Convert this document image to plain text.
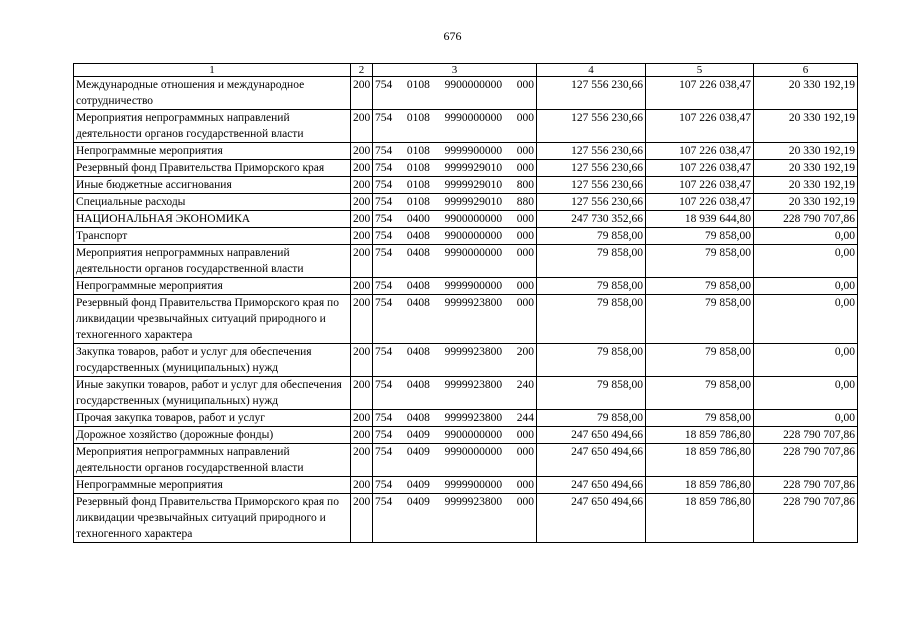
676
1	2	3	4	5	6
Международные отношения и международное сотрудничество	200	754 0108 9900000000 000	127 556 230,66	107 226 038,47	20 330 192,19
Мероприятия непрограммных направлений деятельности органов государственной власти	200	754 0108 9990000000 000	127 556 230,66	107 226 038,47	20 330 192,19
Непрограммные мероприятия	200	754 0108 9999900000 000	127 556 230,66	107 226 038,47	20 330 192,19
Резервный фонд Правительства Приморского края	200	754 0108 9999929010 000	127 556 230,66	107 226 038,47	20 330 192,19
Иные бюджетные ассигнования	200	754 0108 9999929010 800	127 556 230,66	107 226 038,47	20 330 192,19
Специальные расходы	200	754 0108 9999929010 880	127 556 230,66	107 226 038,47	20 330 192,19
НАЦИОНАЛЬНАЯ ЭКОНОМИКА	200	754 0400 9900000000 000	247 730 352,66	18 939 644,80	228 790 707,86
Транспорт	200	754 0408 9900000000 000	79 858,00	79 858,00	0,00
Мероприятия непрограммных направлений деятельности органов государственной власти	200	754 0408 9990000000 000	79 858,00	79 858,00	0,00
Непрограммные мероприятия	200	754 0408 9999900000 000	79 858,00	79 858,00	0,00
Резервный фонд Правительства Приморского края по ликвидации чрезвычайных ситуаций природного и техногенного характера	200	754 0408 9999923800 000	79 858,00	79 858,00	0,00
Закупка товаров, работ и услуг для обеспечения государственных (муниципальных) нужд	200	754 0408 9999923800 200	79 858,00	79 858,00	0,00
Иные закупки товаров, работ и услуг для обеспечения государственных (муниципальных) нужд	200	754 0408 9999923800 240	79 858,00	79 858,00	0,00
Прочая закупка товаров, работ и услуг	200	754 0408 9999923800 244	79 858,00	79 858,00	0,00
Дорожное хозяйство (дорожные фонды)	200	754 0409 9900000000 000	247 650 494,66	18 859 786,80	228 790 707,86
Мероприятия непрограммных направлений деятельности органов государственной власти	200	754 0409 9990000000 000	247 650 494,66	18 859 786,80	228 790 707,86
Непрограммные мероприятия	200	754 0409 9999900000 000	247 650 494,66	18 859 786,80	228 790 707,86
Резервный фонд Правительства Приморского края по ликвидации чрезвычайных ситуаций природного и техногенного характера	200	754 0409 9999923800 000	247 650 494,66	18 859 786,80	228 790 707,86
